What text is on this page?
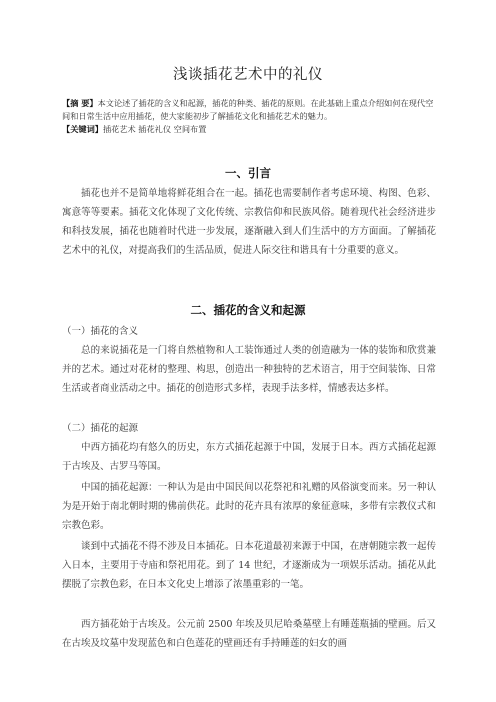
浅谈插花艺术中的礼仪
【摘 要】本文论述了插花的含义和起源，插花的种类、插花的原则。在此基础上重点介绍如何在现代空间和日常生活中应用插花，使大家能初步了解插花文化和插花艺术的魅力。
【关键词】插花艺术 插花礼仪 空间布置
一、引言
插花也并不是简单地将鲜花组合在一起。插花也需要制作者考虑环境、构图、色彩、寓意等等要素。插花文化体现了文化传统、宗教信仰和民族风俗。随着现代社会经济进步和科技发展，插花也随着时代进一步发展，逐渐融入到人们生活中的方方面面。了解插花艺术中的礼仪，对提高我们的生活品质，促进人际交往和谐具有十分重要的意义。
二、插花的含义和起源
（一）插花的含义
总的来说插花是一门将自然植物和人工装饰通过人类的创造融为一体的装饰和欣赏兼并的艺术。通过对花材的整理、构思，创造出一种独特的艺术语言，用于空间装饰、日常生活或者商业活动之中。插花的创造形式多样，表现手法多样，情感表达多样。
（二）插花的起源
中西方插花均有悠久的历史，东方式插花起源于中国，发展于日本。西方式插花起源于古埃及、古罗马等国。
中国的插花起源：一种认为是由中国民间以花祭祀和礼赠的风俗演变而来。另一种认为是开始于南北朝时期的佛前供花。此时的花卉具有浓厚的象征意味，多带有宗教仪式和宗教色彩。
谈到中式插花不得不涉及日本插花。日本花道最初来源于中国，在唐朝随宗教一起传入日本，主要用于寺庙和祭祀用花。到了 14 世纪，才逐渐成为一项娱乐活动。插花从此摆脱了宗教色彩，在日本文化史上增添了浓墨重彩的一笔。
西方插花始于古埃及。公元前 2500 年埃及贝尼哈桑墓壁上有睡莲瓶插的壁画。后又在古埃及坟墓中发现蓝色和白色莲花的壁画还有手持睡莲的妇女的画
